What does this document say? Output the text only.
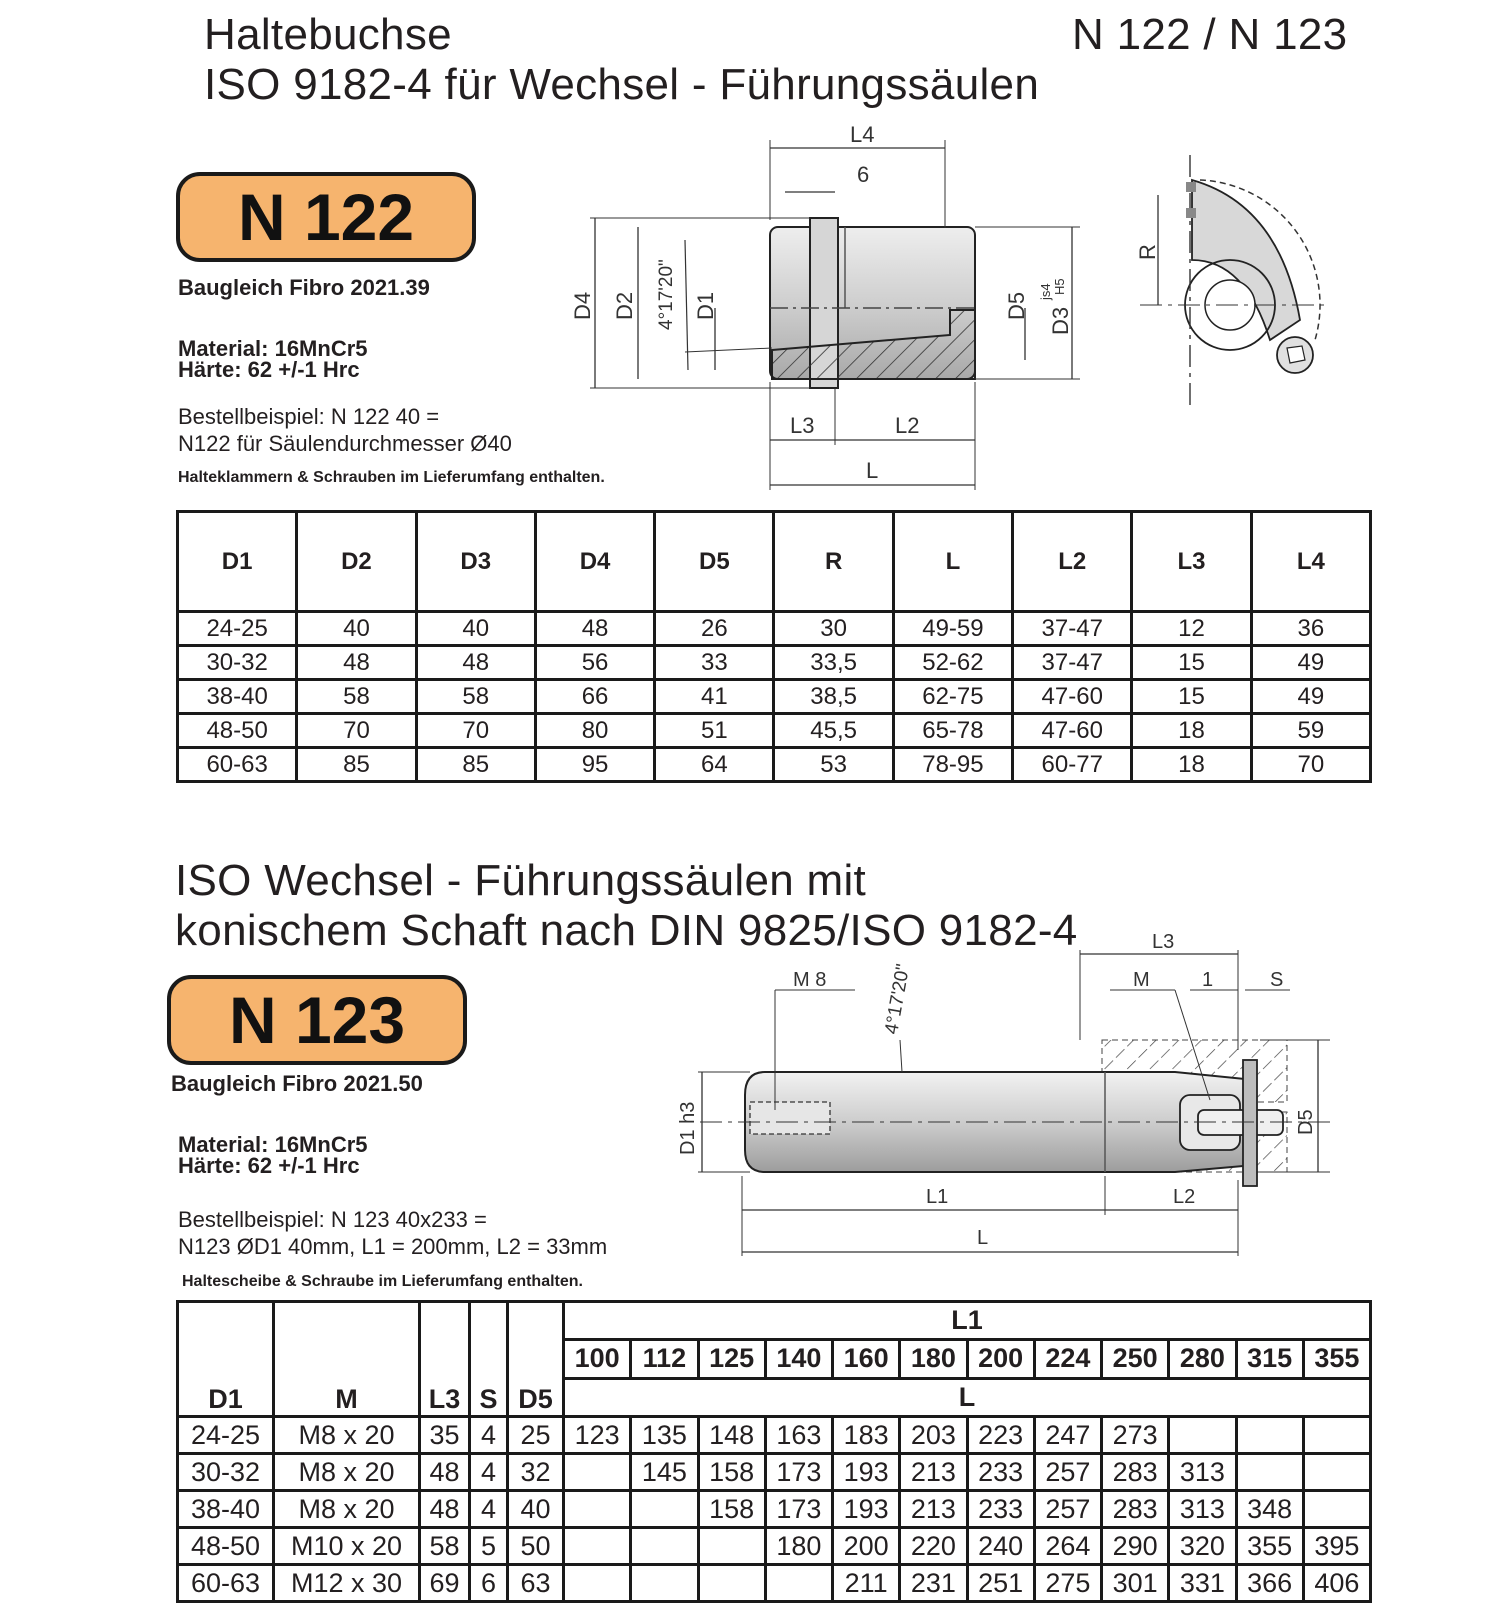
Haltebuchse
ISO 9182-4 für Wechsel - Führungssäulen
N 122 / N 123
N 122
Baugleich Fibro 2021.39
Material: 16MnCr5
Härte: 62 +/-1 Hrc
Bestellbeispiel: N 122 40 =
N122 für Säulendurchmesser Ø40
Halteklammern & Schrauben im Lieferumfang enthalten.
L4
6
D4 D2 4°17'20" D1	D5
js4
D3
H5
L3	L2
L
R
D1	D2	D3	D4	D5	R	L	L2	L3	L4
24-25	40	40	48	26	30	49-59	37-47	12	36
30-32	48	48	56	33	33,5	52-62	37-47	15	49
38-40	58	58	66	41	38,5	62-75	47-60	15	49
48-50	70	70	80	51	45,5	65-78	47-60	18	59
60-63	85	85	95	64	53	78-95	60-77	18	70
ISO Wechsel - Führungssäulen mit
konischem Schaft nach DIN 9825/ISO 9182-4
N 123
Baugleich Fibro 2021.50
Material: 16MnCr5
Härte: 62 +/-1 Hrc
Bestellbeispiel: N 123 40x233 =
N123 ØD1 40mm, L1 = 200mm, L2 = 33mm
Haltescheibe & Schraube im Lieferumfang enthalten.
M 8	4°17'20"
L3
M	1	S
D1 h3	D5
L1	L2
L
D1	M	L3	S	D5	L1											
					100	112	125	140	160	180	200	224	250	280	315	355
					L											
24-25	M8 x 20	35	4	25	123	135	148	163	183	203	223	247	273			
30-32	M8 x 20	48	4	32		145	158	173	193	213	233	257	283	313		
38-40	M8 x 20	48	4	40			158	173	193	213	233	257	283	313	348	
48-50	M10 x 20	58	5	50				180	200	220	240	264	290	320	355	395
60-63	M12 x 30	69	6	63					211	231	251	275	301	331	366	406
